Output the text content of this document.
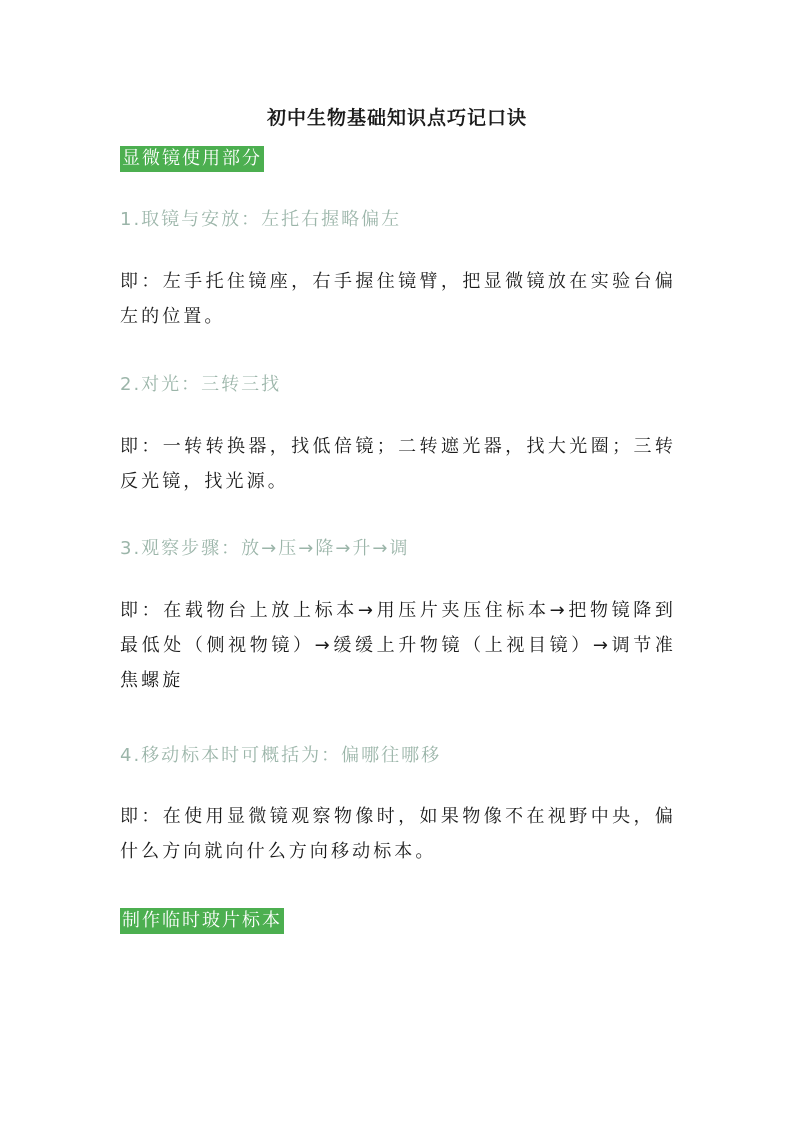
初中生物基础知识点巧记口诀
显微镜使用部分
1.取镜与安放：左托右握略偏左
即：左手托住镜座，右手握住镜臂，把显微镜放在实验台偏左的位置。
2.对光：三转三找
即：一转转换器，找低倍镜；二转遮光器，找大光圈；三转反光镜，找光源。
3.观察步骤：放→压→降→升→调
即：在载物台上放上标本→用压片夹压住标本→把物镜降到最低处（侧视物镜）→缓缓上升物镜（上视目镜）→调节准焦螺旋
4.移动标本时可概括为：偏哪往哪移
即：在使用显微镜观察物像时，如果物像不在视野中央，偏什么方向就向什么方向移动标本。
制作临时玻片标本
